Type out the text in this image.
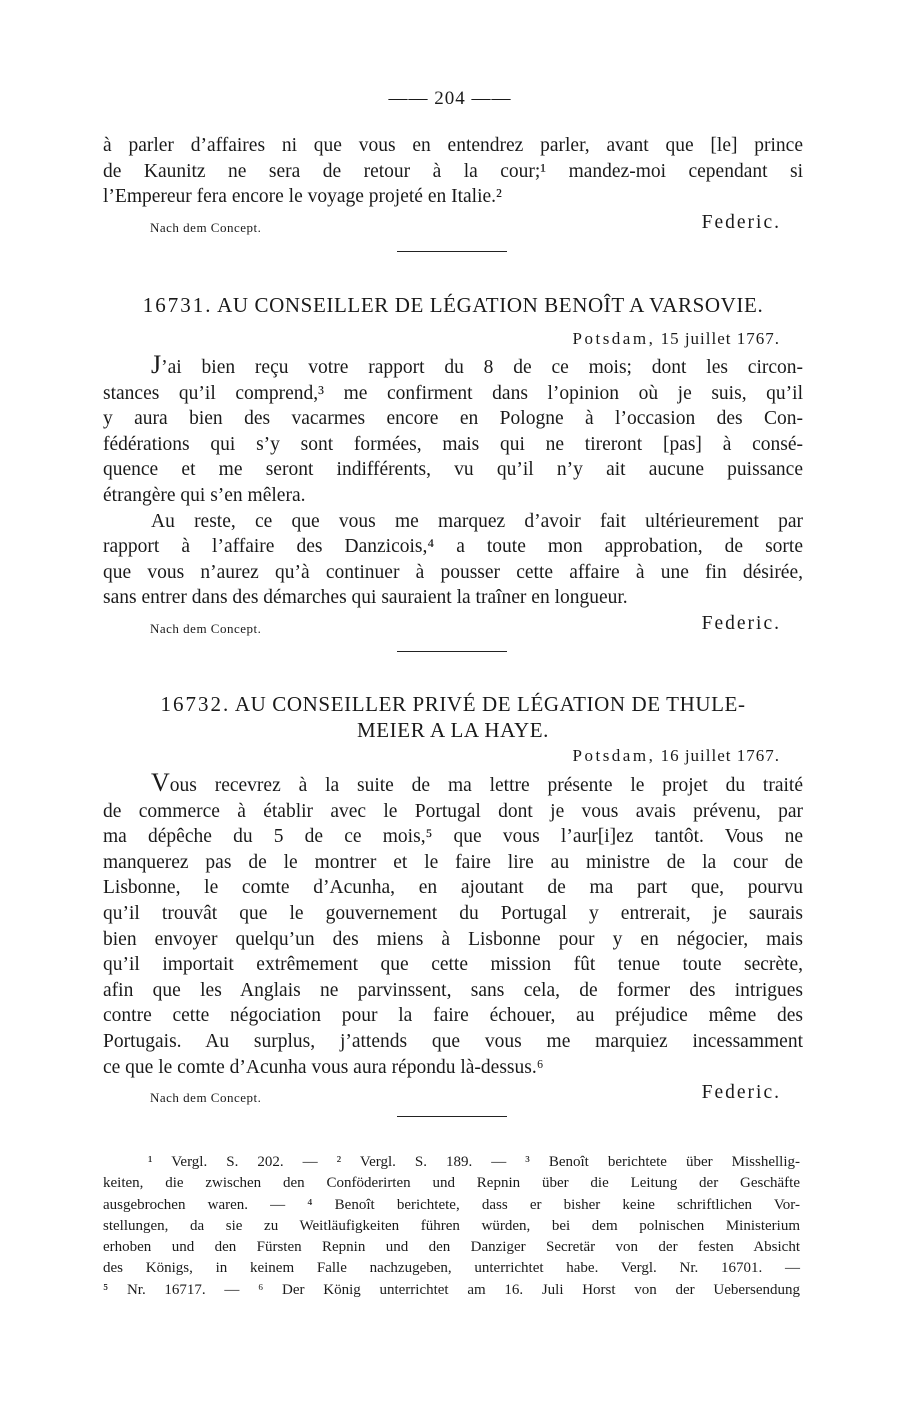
—— 204 ——
à parler d’affaires ni que vous en entendrez parler, avant que [le] prince
de Kaunitz ne sera de retour à la cour;¹ mandez-moi cependant si
l’Empereur fera encore le voyage projeté en Italie.²
Nach dem Concept.	Federic.
16731. AU CONSEILLER DE LÉGATION BENOÎT A VARSOVIE.
Potsdam, 15 juillet 1767.
J’ai bien reçu votre rapport du 8 de ce mois; dont les circon-
stances qu’il comprend,³ me confirment dans l’opinion où je suis, qu’il
y aura bien des vacarmes encore en Pologne à l’occasion des Con-
fédérations qui s’y sont formées, mais qui ne tireront [pas] à consé-
quence et me seront indifférents, vu qu’il n’y ait aucune puissance
étrangère qui s’en mêlera.
Au reste, ce que vous me marquez d’avoir fait ultérieurement par
rapport à l’affaire des Danzicois,⁴ a toute mon approbation, de sorte
que vous n’aurez qu’à continuer à pousser cette affaire à une fin désirée,
sans entrer dans des démarches qui sauraient la traîner en longueur.
Nach dem Concept.	Federic.
16732. AU CONSEILLER PRIVÉ DE LÉGATION DE THULE-
MEIER A LA HAYE.
Potsdam, 16 juillet 1767.
Vous recevrez à la suite de ma lettre présente le projet du traité
de commerce à établir avec le Portugal dont je vous avais prévenu, par
ma dépêche du 5 de ce mois,⁵ que vous l’aur[i]ez tantôt. Vous ne
manquerez pas de le montrer et le faire lire au ministre de la cour de
Lisbonne, le comte d’Acunha, en ajoutant de ma part que, pourvu
qu’il trouvât que le gouvernement du Portugal y entrerait, je saurais
bien envoyer quelqu’un des miens à Lisbonne pour y en négocier, mais
qu’il importait extrêmement que cette mission fût tenue toute secrète,
afin que les Anglais ne parvinssent, sans cela, de former des intrigues
contre cette négociation pour la faire échouer, au préjudice même des
Portugais. Au surplus, j’attends que vous me marquiez incessamment
ce que le comte d’Acunha vous aura répondu là-dessus.⁶
Nach dem Concept.	Federic.
¹ Vergl. S. 202. — ² Vergl. S. 189. — ³ Benoît berichtete über Misshellig-
keiten, die zwischen den Conföderirten und Repnin über die Leitung der Geschäfte
ausgebrochen waren. — ⁴ Benoît berichtete, dass er bisher keine schriftlichen Vor-
stellungen, da sie zu Weitläufigkeiten führen würden, bei dem polnischen Ministerium
erhoben und den Fürsten Repnin und den Danziger Secretär von der festen Absicht
des Königs, in keinem Falle nachzugeben, unterrichtet habe. Vergl. Nr. 16701. —
⁵ Nr. 16717. — ⁶ Der König unterrichtet am 16. Juli Horst von der Uebersendung
